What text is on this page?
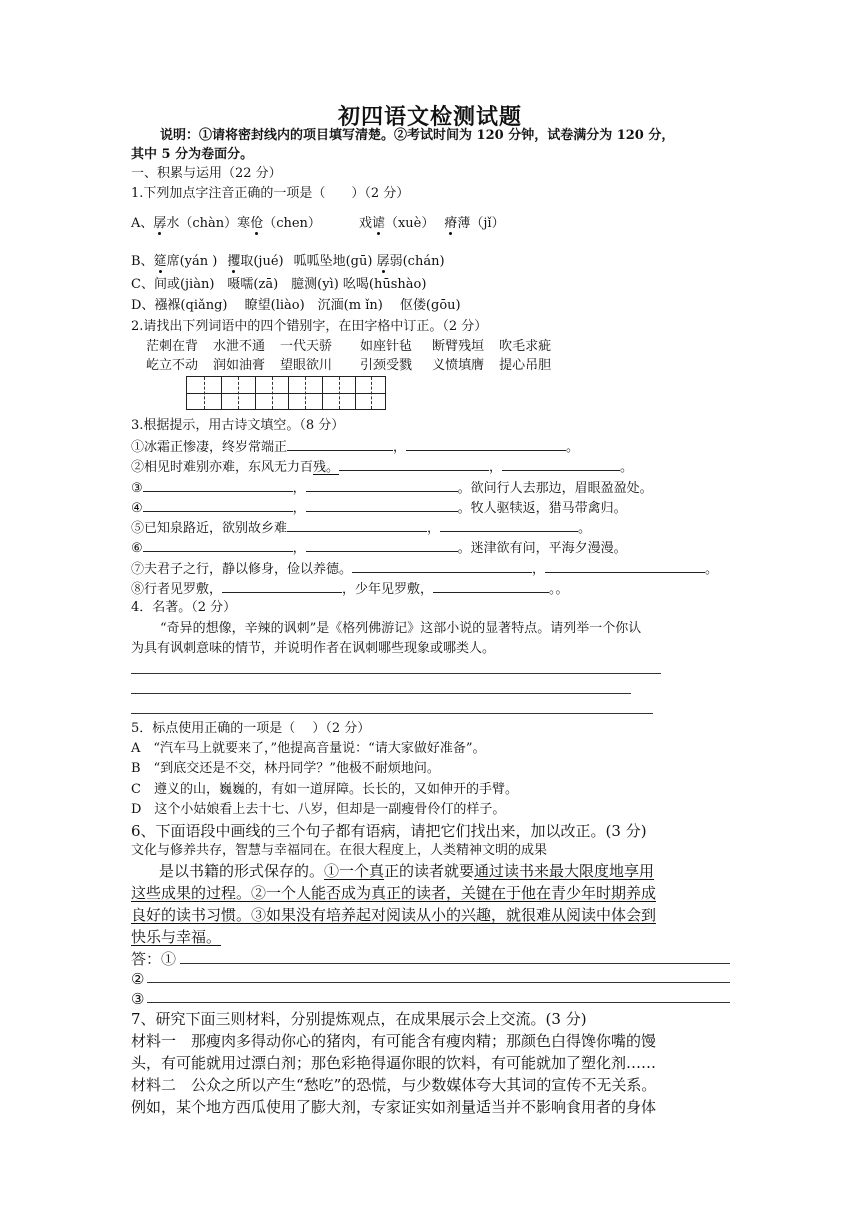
初四语文检测试题
说明：①请将密封线内的项目填写清楚。②考试时间为 120 分钟，试卷满分为 120 分，
其中 5 分为卷面分。
一、积累与运用（22 分）
1.下列加点字注音正确的一项是（　　）（2 分）
A、孱水（chàn）寒伧（chen）	戏谑（xuè） 瘠薄（jǐ）
B、筵席(yán ) 攫取(jué) 呱呱坠地(gū) 孱弱(chán)
C、间或(jiàn)　嗫嚅(zā)　臆测(yì) 吆喝(hūshào)
D、襁褓(qiǎng)　 瞭望(liào)　沉湎(m ǐn)　 伛偻(gōu)
2.请找出下列词语中的四个错别字，在田字格中订正。（2 分）
茫刺在背 水泄不通 一代天骄 如座针毡 断臂残垣 吹毛求疵
屹立不动 润如油膏 望眼欲川 引颈受戮 义愤填膺 提心吊胆
3.根据提示，用古诗文填空。（8 分）
①冰霜正惨凄，终岁常端正	，	。
②相见时难别亦难，东风无力百残。	，	。
③	，	。欲问行人去那边，眉眼盈盈处。
④	，	。牧人驱犊返，猎马带禽归。
⑤已知泉路近，欲别故乡难	，	。
⑥	，	。迷津欲有问，平海夕漫漫。
⑦夫君子之行，静以修身，俭以养德。	，	。
⑧行者见罗敷，	，少年见罗敷，	。。
4．名著。（2 分）
“奇异的想像，辛辣的讽刺”是《格列佛游记》这部小说的显著特点。请列举一个你认
为具有讽刺意味的情节，并说明作者在讽刺哪些现象或哪类人。
5．标点使用正确的一项是（　 ）（2 分）
A　“汽车马上就要来了，”他提高音量说：“请大家做好准备”。
B　“到底交还是不交，林丹同学？”他极不耐烦地问。
C　遵义的山，巍巍的，有如一道屏障。长长的，又如伸开的手臂。
D　这个小姑娘看上去十七、八岁，但却是一副瘦骨伶仃的样子。
6、下面语段中画线的三个句子都有语病，请把它们找出来，加以改正。(3 分)
文化与修养共存，智慧与幸福同在。在很大程度上，人类精神文明的成果
是以书籍的形式保存的。①一个真正的读者就要通过读书来最大限度地享用
这些成果的过程。②一个人能否成为真正的读者，关键在于他在青少年时期养成
良好的读书习惯。③如果没有培养起对阅读从小的兴趣，就很难从阅读中体会到
快乐与幸福。
答：①
②
③
7、研究下面三则材料，分别提炼观点，在成果展示会上交流。(3 分)
材料一　那瘦肉多得动你心的猪肉，有可能含有瘦肉精；那颜色白得馋你嘴的馒
头，有可能就用过漂白剂；那色彩艳得逼你眼的饮料，有可能就加了塑化剂……
材料二　公众之所以产生“愁吃”的恐慌，与少数媒体夸大其词的宣传不无关系。
例如，某个地方西瓜使用了膨大剂，专家证实如剂量适当并不影响食用者的身体
